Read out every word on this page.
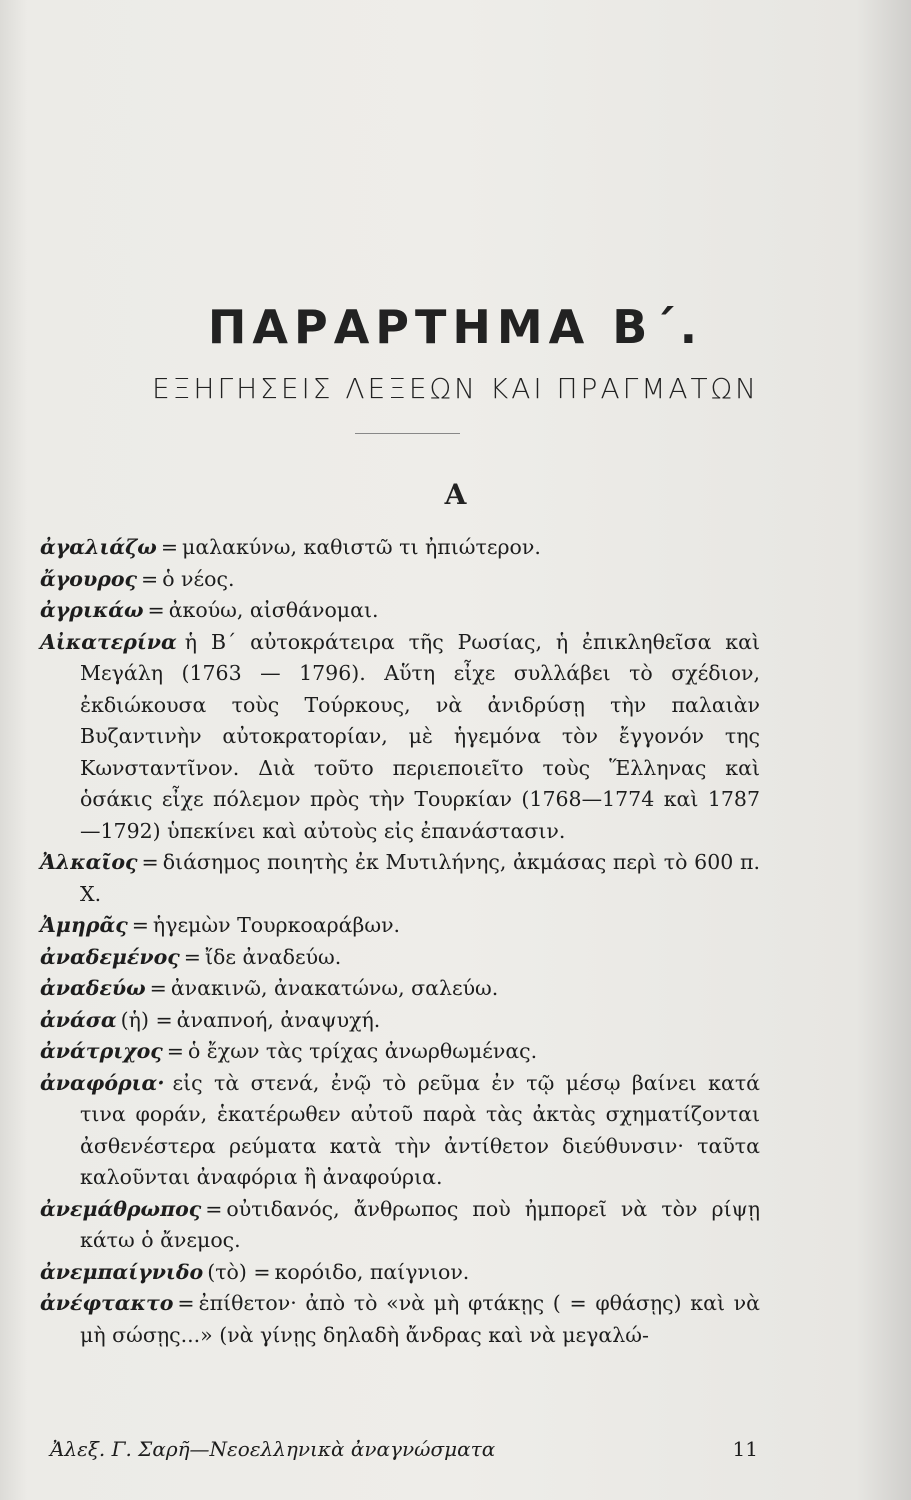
ΠΑΡΑΡΤΗΜΑ Β΄.
ΕΞΗΓΗΣΕΙΣ ΛΕΞΕΩΝ ΚΑΙ ΠΡΑΓΜΑΤΩΝ
Α
ἀγαλιάζω = μαλακύνω, καθιστῶ τι ἠπιώτερον.
ἄγουρος = ὁ νέος.
ἀγρικάω = ἀκούω, αἰσθάνομαι.
Αἰκατερίνα ἡ Β΄ αὐτοκράτειρα τῆς Ρωσίας, ἡ ἐπικληθεῖσα καὶ Μεγάλη (1763 — 1796). Αὕτη εἶχε συλλάβει τὸ σχέδιον, ἐκδιώκουσα τοὺς Τούρκους, νὰ ἀνιδρύσῃ τὴν παλαιὰν Βυζαντινὴν αὐτοκρατορίαν, μὲ ἡγεμόνα τὸν ἔγγονόν της Κωνσταντῖνον. Διὰ τοῦτο περιεποιεῖτο τοὺς Ἕλληνας καὶ ὁσάκις εἶχε πόλεμον πρὸς τὴν Τουρκίαν (1768—1774 καὶ 1787 —1792) ὑπεκίνει καὶ αὐτοὺς εἰς ἐπανάστασιν.
Ἀλκαῖος = διάσημος ποιητὴς ἐκ Μυτιλήνης, ἀκμάσας περὶ τὸ 600 π. Χ.
Ἀμηρᾶς = ἡγεμὼν Τουρκοαράβων.
ἀναδεμένος = ἴδε ἀναδεύω.
ἀναδεύω = ἀνακινῶ, ἀνακατώνω, σαλεύω.
ἀνάσα (ἡ) = ἀναπνοή, ἀναψυχή.
ἀνάτριχος = ὁ ἔχων τὰς τρίχας ἀνωρθωμένας.
ἀναφόρια· εἰς τὰ στενά, ἐνῷ τὸ ρεῦμα ἐν τῷ μέσῳ βαίνει κατά τινα φοράν, ἑκατέρωθεν αὐτοῦ παρὰ τὰς ἀκτὰς σχηματίζονται ἀσθενέστερα ρεύματα κατὰ τὴν ἀντίθετον διεύθυνσιν· ταῦτα καλοῦνται ἀναφόρια ἢ ἀναφούρια.
ἀνεμάθρωπος = οὐτιδανός, ἄνθρωπος ποὺ ἠμπορεῖ νὰ τὸν ρίψῃ κάτω ὁ ἄνεμος.
ἀνεμπαίγνιδο (τὸ) = κορόιδο, παίγνιον.
ἀνέφτακτο = ἐπίθετον· ἀπὸ τὸ «νὰ μὴ φτάκῃς ( = φθάσῃς) καὶ νὰ μὴ σώσῃς...» (νὰ γίνῃς δηλαδὴ ἄνδρας καὶ νὰ μεγαλώ-
Ἀλεξ. Γ. Σαρῆ—Νεοελληνικὰ ἀναγνώσματα	11
